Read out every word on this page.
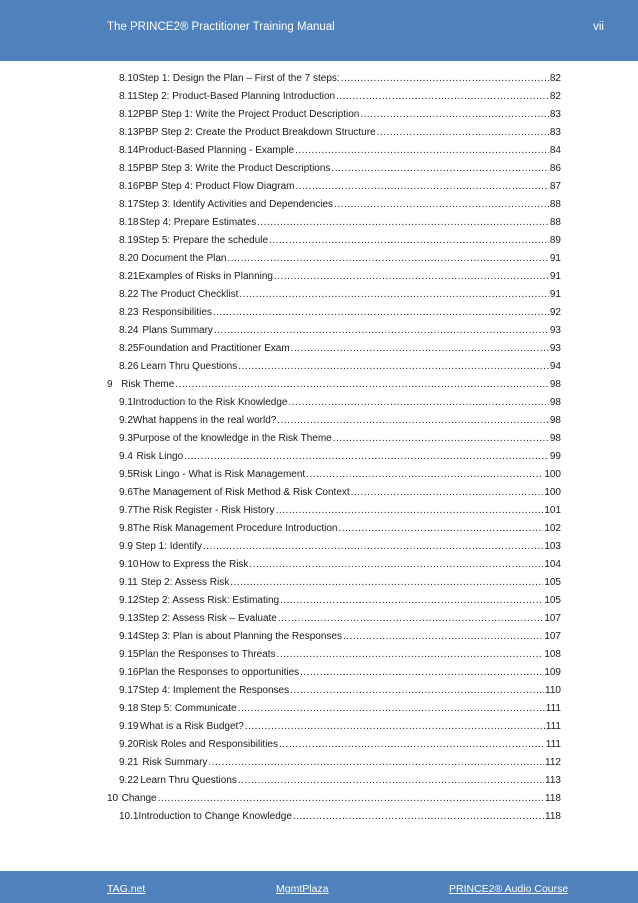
The PRINCE2® Practitioner Training Manual	vii
8.10 Step 1: Design the Plan – First of the 7 steps: .....	82
8.11 Step 2: Product-Based Planning Introduction .....	82
8.12 PBP Step 1: Write the Project Product Description .....	83
8.13 PBP Step 2: Create the Product Breakdown Structure .....	83
8.14 Product-Based Planning - Example .....	84
8.15 PBP Step 3: Write the Product Descriptions .....	86
8.16 PBP Step 4: Product Flow Diagram .....	87
8.17 Step 3: Identify Activities and Dependencies .....	88
8.18 Step 4: Prepare Estimates .....	88
8.19 Step 5: Prepare the schedule .....	89
8.20 Document the Plan .....	91
8.21 Examples of Risks in Planning .....	91
8.22 The Product Checklist .....	91
8.23 Responsibilities .....	92
8.24 Plans Summary .....	93
8.25 Foundation and Practitioner Exam .....	93
8.26 Learn Thru Questions .....	94
9 Risk Theme .....	98
9.1 Introduction to the Risk Knowledge .....	98
9.2 What happens in the real world? .....	98
9.3 Purpose of the knowledge in the Risk Theme .....	98
9.4 Risk Lingo .....	99
9.5 Risk Lingo - What is Risk Management .....	100
9.6 The Management of Risk Method & Risk Context .....	100
9.7 The Risk Register - Risk History .....	101
9.8 The Risk Management Procedure Introduction .....	102
9.9 Step 1: Identify .....	103
9.10 How to Express the Risk .....	104
9.11 Step 2: Assess Risk .....	105
9.12 Step 2: Assess Risk: Estimating .....	105
9.13 Step 2: Assess Risk – Evaluate .....	107
9.14 Step 3: Plan is about Planning the Responses .....	107
9.15 Plan the Responses to Threats .....	108
9.16 Plan the Responses to opportunities .....	109
9.17 Step 4: Implement the Responses .....	110
9.18 Step 5: Communicate .....	111
9.19 What is a Risk Budget? .....	111
9.20 Risk Roles and Responsibilities .....	111
9.21 Risk Summary .....	112
9.22 Learn Thru Questions .....	113
10 Change .....	118
10.1 Introduction to Change Knowledge .....	118
TAG.net	MgmtPlaza	PRINCE2® Audio Course
